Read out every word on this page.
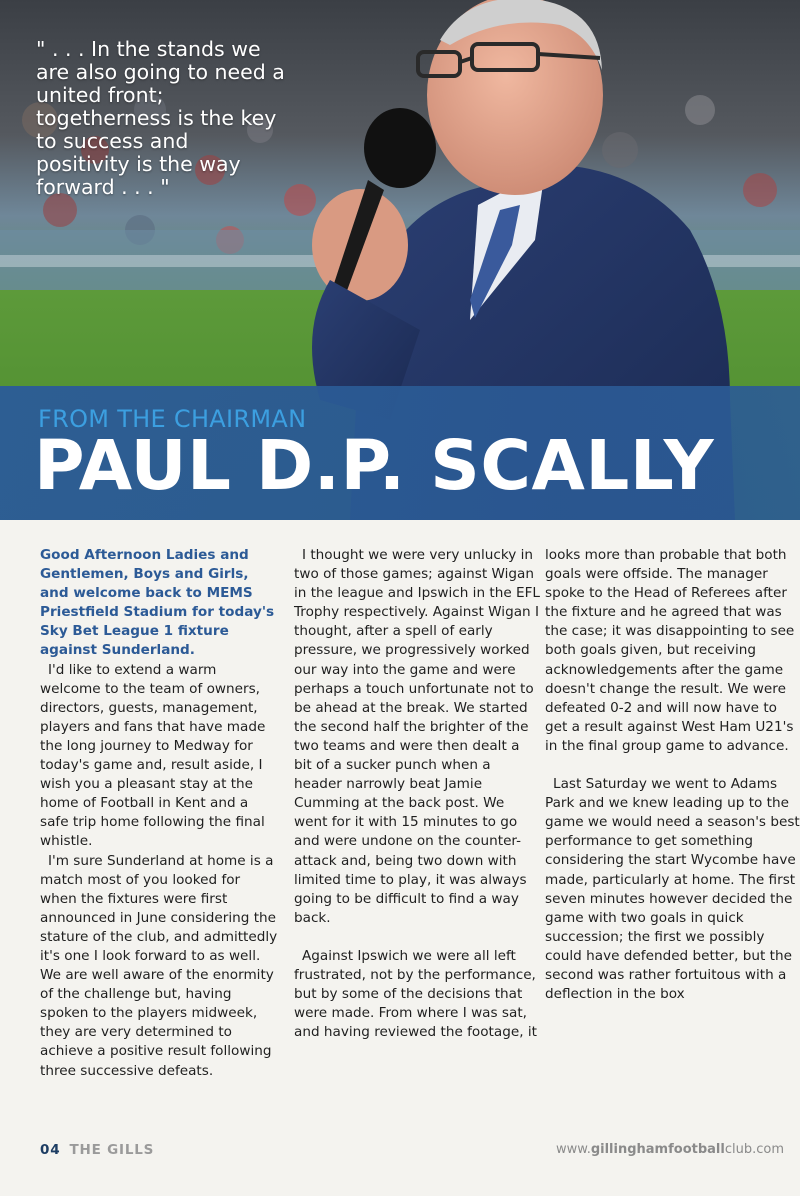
" . . . In the stands we are also going to need a united front; togetherness is the key to success and positivity is the way forward . . . "
FROM THE CHAIRMAN
PAUL D.P. SCALLY

Good Afternoon Ladies and Gentlemen, Boys and Girls, and welcome back to MEMS Priestfield Stadium for today's Sky Bet League 1 fixture against Sunderland.

I'd like to extend a warm welcome to the team of owners, directors, guests, management, players and fans that have made the long journey to Medway for today's game and, result aside, I wish you a pleasant stay at the home of Football in Kent and a safe trip home following the final whistle.

I'm sure Sunderland at home is a match most of you looked for when the fixtures were first announced in June considering the stature of the club, and admittedly it's one I look forward to as well. We are well aware of the enormity of the challenge but, having spoken to the players midweek, they are very determined to achieve a positive result following three successive defeats.

I thought we were very unlucky in two of those games; against Wigan in the league and Ipswich in the EFL Trophy respectively. Against Wigan I thought, after a spell of early pressure, we progressively worked our way into the game and were perhaps a touch unfortunate not to be ahead at the break. We started the second half the brighter of the two teams and were then dealt a bit of a sucker punch when a header narrowly beat Jamie Cumming at the back post. We went for it with 15 minutes to go and were undone on the counter-attack and, being two down with limited time to play, it was always going to be difficult to find a way back.

Against Ipswich we were all left frustrated, not by the performance, but by some of the decisions that were made. From where I was sat, and having reviewed the footage, it

looks more than probable that both goals were offside. The manager spoke to the Head of Referees after the fixture and he agreed that was the case; it was disappointing to see both goals given, but receiving acknowledgements after the game doesn't change the result. We were defeated 0-2 and will now have to get a result against West Ham U21's in the final group game to advance.

Last Saturday we went to Adams Park and we knew leading up to the game we would need a season's best performance to get something considering the start Wycombe have made, particularly at home. The first seven minutes however decided the game with two goals in quick succession; the first we possibly could have defended better, but the second was rather fortuitous with a deflection in the box

04 THE GILLS	www.gillinghamfootballclub.com
